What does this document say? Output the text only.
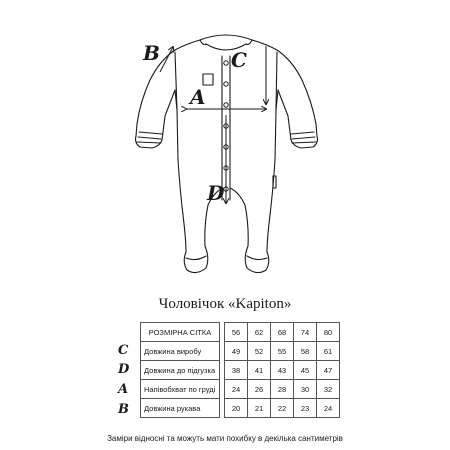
B	C
A
D
Чоловічок «Kapiton»
РОЗМІРНА СІТКА		56	62	68	74	80
Довжина виробу		49	52	55	58	61
Довжина до підгузка		38	41	43	45	47
Напівобхват по груді		24	26	28	30	32
Довжина рукава		20	21	22	23	24
C
D
A
B
Заміри відносні та можуть мати похибку в декілька сантиметрів
